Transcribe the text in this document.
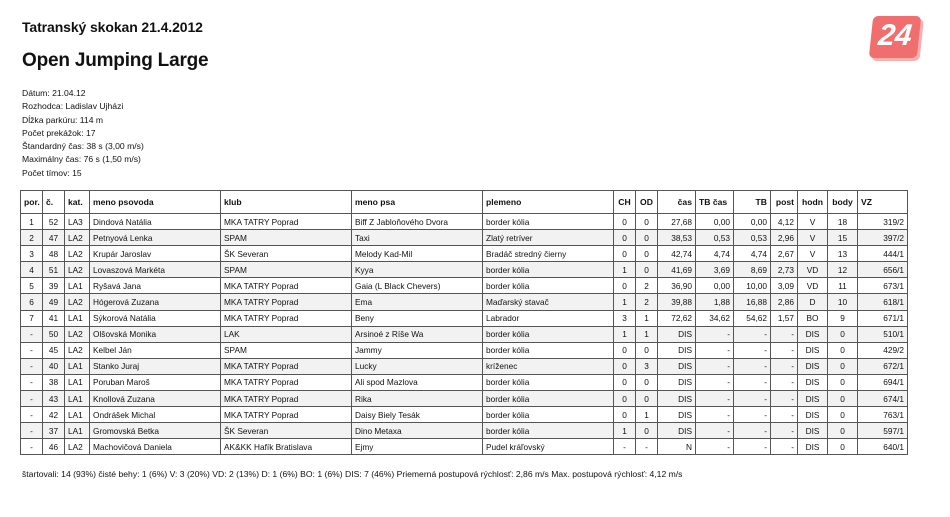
Tatranský skokan 21.4.2012
Open Jumping Large
24
Dátum: 21.04.12
Rozhodca: Ladislav Ujházi
Dĺžka parkúru: 114 m
Počet prekážok: 17
Štandardný čas: 38 s (3,00 m/s)
Maximálny čas: 76 s (1,50 m/s)
Počet tímov: 15
por.	č.	kat.	meno psovoda	klub	meno psa	plemeno	CH	OD	čas	TB čas	TB	post	hodn	body	VZ
1	52	LA3	Dindová Natália	MKA TATRY Poprad	Biff Z Jabloňového Dvora	border kólia	0	0	27,68	0,00	0,00	4,12	V	18	319/2
2	47	LA2	Petnyová Lenka	SPAM	Taxi	Zlatý retríver	0	0	38,53	0,53	0,53	2,96	V	15	397/2
3	48	LA2	Krupár Jaroslav	ŠK Severan	Melody Kad-Mil	Bradáč stredný čierny	0	0	42,74	4,74	4,74	2,67	V	13	444/1
4	51	LA2	Lovaszová Markéta	SPAM	Kyya	border kólia	1	0	41,69	3,69	8,69	2,73	VD	12	656/1
5	39	LA1	Ryšavá Jana	MKA TATRY Poprad	Gaia (L Black Chevers)	border kólia	0	2	36,90	0,00	10,00	3,09	VD	11	673/1
6	49	LA2	Hógerová Zuzana	MKA TATRY Poprad	Ema	Maďarský stavač	1	2	39,88	1,88	16,88	2,86	D	10	618/1
7	41	LA1	Sýkorová Natália	MKA TATRY Poprad	Beny	Labrador	3	1	72,62	34,62	54,62	1,57	BO	9	671/1
-	50	LA2	Olšovská Monika	LAK	Arsinoé z Ríše Wa	border kólia	1	1	DIS	-	-	-	DIS	0	510/1
-	45	LA2	Kelbel Ján	SPAM	Jammy	border kólia	0	0	DIS	-	-	-	DIS	0	429/2
-	40	LA1	Stanko Juraj	MKA TATRY Poprad	Lucky	kríženec	0	3	DIS	-	-	-	DIS	0	672/1
-	38	LA1	Poruban Maroš	MKA TATRY Poprad	Ali spod Mazlova	border kólia	0	0	DIS	-	-	-	DIS	0	694/1
-	43	LA1	Knollová Zuzana	MKA TATRY Poprad	Rika	border kólia	0	0	DIS	-	-	-	DIS	0	674/1
-	42	LA1	Ondrášek Michal	MKA TATRY Poprad	Daisy Biely Tesák	border kólia	0	1	DIS	-	-	-	DIS	0	763/1
-	37	LA1	Gromovská Betka	ŠK Severan	Dino Metaxa	border kólia	1	0	DIS	-	-	-	DIS	0	597/1
-	46	LA2	Machovičová Daniela	AK&KK Hafík Bratislava	Ejmy	Pudel kráľovský	-	-	N	-	-	-	DIS	0	640/1
štartovali: 14 (93%) čisté behy: 1 (6%) V: 3 (20%) VD: 2 (13%) D: 1 (6%) BO: 1 (6%) DIS: 7 (46%) Priemerná postupová rýchlosť: 2,86 m/s Max. postupová rýchlosť: 4,12 m/s
